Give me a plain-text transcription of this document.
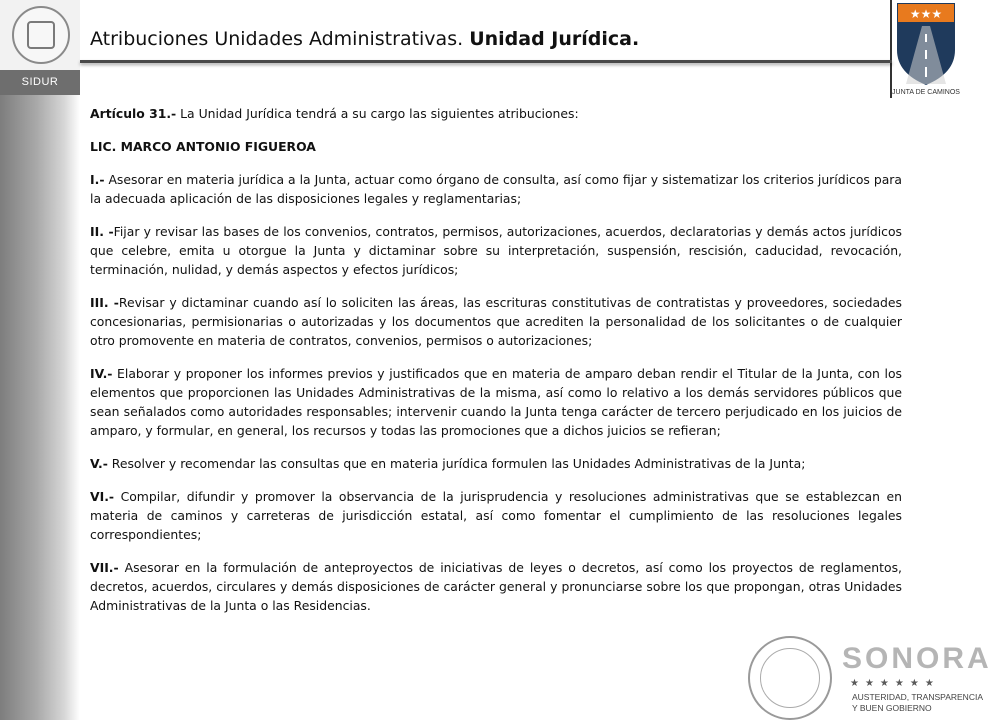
SIDUR
★★★
JUNTA DE CAMINOS
Atribuciones Unidades Administrativas. Unidad Jurídica.

Artículo 31.- La Unidad Jurídica tendrá a su cargo las siguientes atribuciones:

LIC. MARCO ANTONIO FIGUEROA

I.- Asesorar en materia jurídica a la Junta, actuar como órgano de consulta, así como fijar y sistematizar los criterios jurídicos para la adecuada aplicación de las disposiciones legales y reglamentarias;

II. -Fijar y revisar las bases de los convenios, contratos, permisos, autorizaciones, acuerdos, declaratorias y demás actos jurídicos que celebre, emita u otorgue la Junta y dictaminar sobre su interpretación, suspensión, rescisión, caducidad, revocación, terminación, nulidad, y demás aspectos y efectos jurídicos;

III. -Revisar y dictaminar cuando así lo soliciten las áreas, las escrituras constitutivas de contratistas y proveedores, sociedades concesionarias, permisionarias o autorizadas y los documentos que acrediten la personalidad de los solicitantes o de cualquier otro promovente en materia de contratos, convenios, permisos o autorizaciones;

IV.- Elaborar y proponer los informes previos y justificados que en materia de amparo deban rendir el Titular de la Junta, con los elementos que proporcionen las Unidades Administrativas de la misma, así como lo relativo a los demás servidores públicos que sean señalados como autoridades responsables; intervenir cuando la Junta tenga carácter de tercero perjudicado en los juicios de amparo, y formular, en general, los recursos y todas las promociones que a dichos juicios se refieran;

V.- Resolver y recomendar las consultas que en materia jurídica formulen las Unidades Administrativas de la Junta;

VI.- Compilar, difundir y promover la observancia de la jurisprudencia y resoluciones administrativas que se establezcan en materia de caminos y carreteras de jurisdicción estatal, así como fomentar el cumplimiento de las resoluciones legales correspondientes;

VII.- Asesorar en la formulación de anteproyectos de iniciativas de leyes o decretos, así como los proyectos de reglamentos, decretos, acuerdos, circulares y demás disposiciones de carácter general y pronunciarse sobre los que propongan, otras Unidades Administrativas de la Junta o las Residencias.

SONORA
★★★★★★
AUSTERIDAD, TRANSPARENCIA
Y BUEN GOBIERNO
